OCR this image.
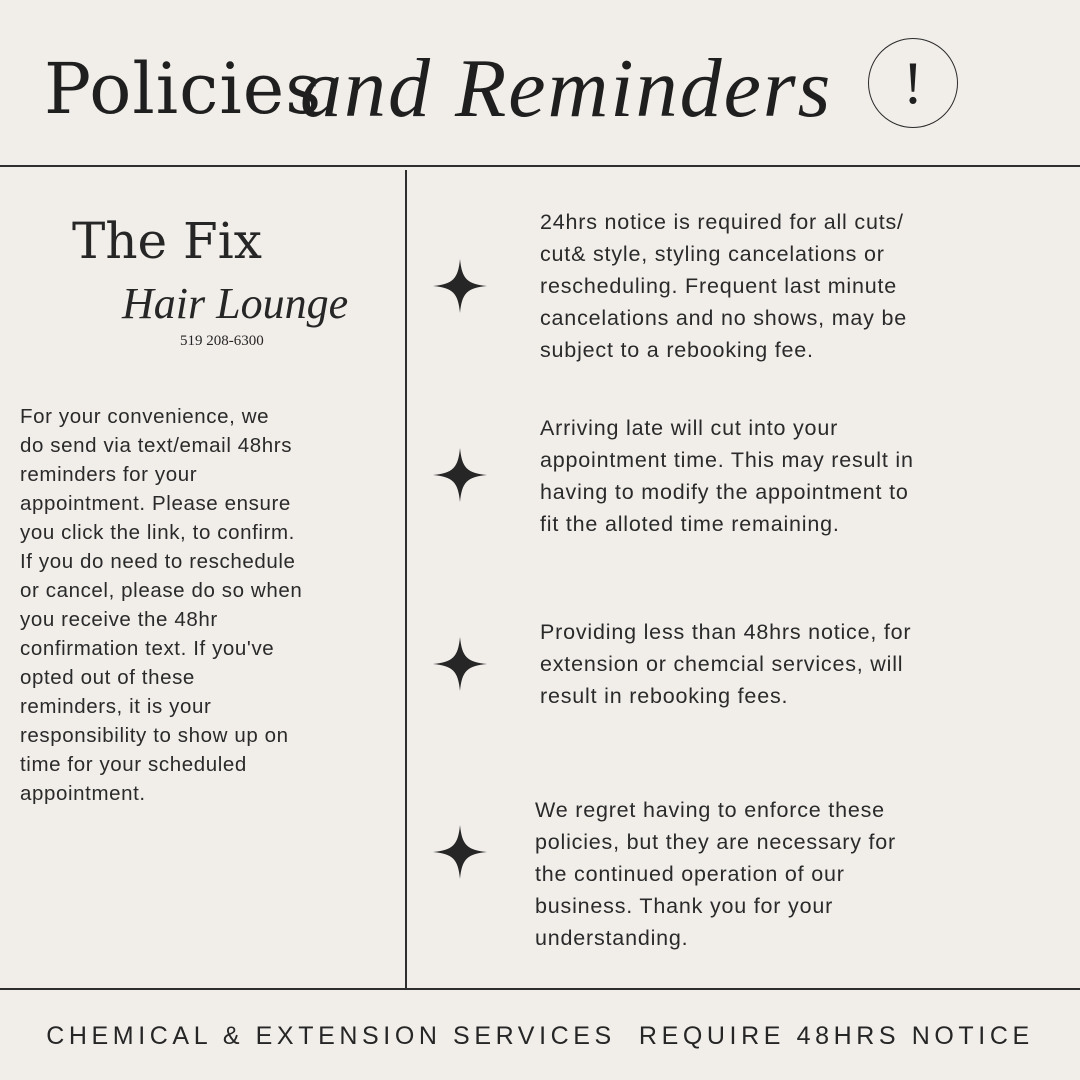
Policies
and Reminders	!
The Fix
Hair Lounge
519 208-6300
For your convenience, we
do send via text/email 48hrs
reminders for your
appointment. Please ensure
you click the link, to confirm.
If you do need to reschedule
or cancel, please do so when
you receive the 48hr
confirmation text. If you've
opted out of these
reminders, it is your
responsibility to show up on
time for your scheduled
appointment.
24hrs notice is required for all cuts/
cut& style, styling cancelations or
rescheduling. Frequent last minute
cancelations and no shows, may be
subject to a rebooking fee.
Arriving late will cut into your
appointment time. This may result in
having to modify the appointment to
fit the alloted time remaining.
Providing less than 48hrs notice, for
extension or chemcial services, will
result in rebooking fees.
We regret having to enforce these
policies, but they are necessary for
the continued operation of our
business. Thank you for your
understanding.
CHEMICAL & EXTENSION SERVICES  REQUIRE 48HRS NOTICE
